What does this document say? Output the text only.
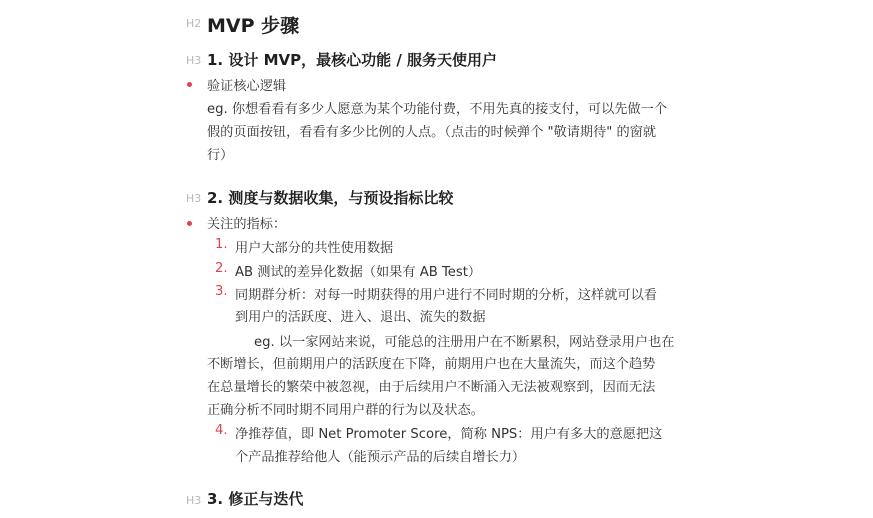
H2 MVP 步骤
H3 1. 设计 MVP，最核心功能 / 服务天使用户
验证核心逻辑
eg. 你想看看有多少人愿意为某个功能付费，不用先真的接支付，可以先做一个
假的页面按钮，看看有多少比例的人点。（点击的时候弹个 "敬请期待" 的窗就
行）
H3 2. 测度与数据收集，与预设指标比较
关注的指标：
1. 用户大部分的共性使用数据
2. AB 测试的差异化数据（如果有 AB Test）
3. 同期群分析：对每一时期获得的用户进行不同时期的分析，这样就可以看
到用户的活跃度、进入、退出、流失的数据
eg. 以一家网站来说，可能总的注册用户在不断累积，网站登录用户也在
不断增长，但前期用户的活跃度在下降，前期用户也在大量流失，而这个趋势
在总量增长的繁荣中被忽视，由于后续用户不断涌入无法被观察到，因而无法
正确分析不同时期不同用户群的行为以及状态。
4. 净推荐值，即 Net Promoter Score，简称 NPS：用户有多大的意愿把这
个产品推荐给他人（能预示产品的后续自增长力）
H3 3. 修正与迭代
